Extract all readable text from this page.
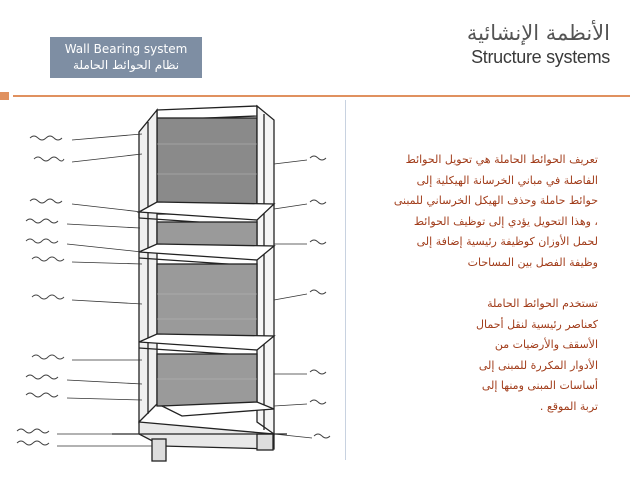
Wall Bearing system
نظام الحوائط الحاملة
الأنظمة الإنشائية
Structure systems
تعريف الحوائط الحاملة هي تحويل الحوائط
الفاصلة في مباني الخرسانة الهيكلية إلى
حوائط حاملة وحذف الهيكل الخرساني للمبنى
، وهذا التحويل يؤدي إلى توظيف الحوائط
لحمل الأوزان كوظيفة رئيسية إضافة إلى
وظيفة الفصل بين المساحات
تستخدم الحوائط الحاملة
كعناصر رئيسية لنقل أحمال
الأسقف والأرضيات من
الأدوار المكررة للمبنى إلى
أساسات المبنى ومنها إلى
تربة الموقع .
